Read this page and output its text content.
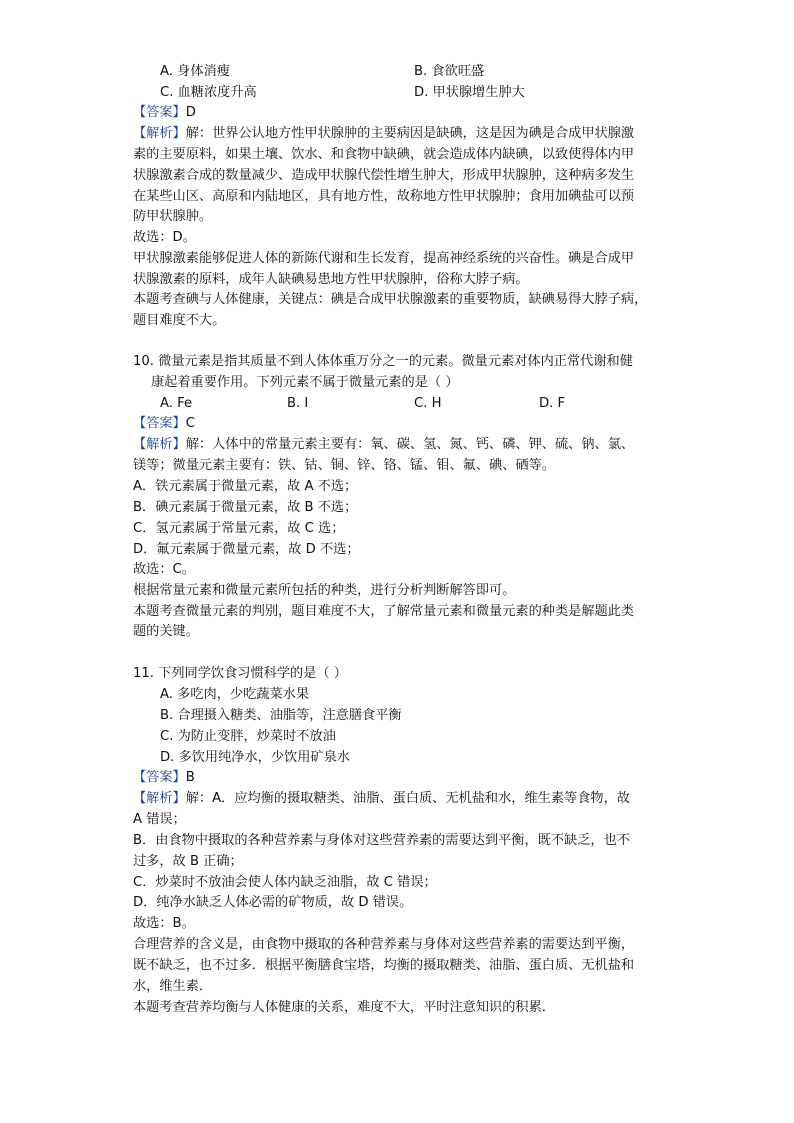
A. 身体消瘦	B. 食欲旺盛
C. 血糖浓度升高	D. 甲状腺增生肿大
【答案】D
【解析】解：世界公认地方性甲状腺肿的主要病因是缺碘，这是因为碘是合成甲状腺激
素的主要原料，如果土壤、饮水、和食物中缺碘，就会造成体内缺碘，以致使得体内甲
状腺激素合成的数量减少、造成甲状腺代偿性增生肿大，形成甲状腺肿，这种病多发生
在某些山区、高原和内陆地区，具有地方性，故称地方性甲状腺肿；食用加碘盐可以预
防甲状腺肿。
故选：D。
甲状腺激素能够促进人体的新陈代谢和生长发育，提高神经系统的兴奋性。碘是合成甲
状腺激素的原料，成年人缺碘易患地方性甲状腺肿，俗称大脖子病。
本题考查碘与人体健康，关键点：碘是合成甲状腺激素的重要物质，缺碘易得大脖子病，
题目难度不大。
10. 微量元素是指其质量不到人体体重万分之一的元素。微量元素对体内正常代谢和健
康起着重要作用。下列元素不属于微量元素的是（ ）
A. Fe	B. I	C. H	D. F
【答案】C
【解析】解：人体中的常量元素主要有：氧、碳、氢、氮、钙、磷、钾、硫、钠、氯、
镁等；微量元素主要有：铁、钴、铜、锌、铬、锰、钼、氟、碘、硒等。
A．铁元素属于微量元素，故 A 不选；
B．碘元素属于微量元素，故 B 不选；
C．氢元素属于常量元素，故 C 选；
D．氟元素属于微量元素，故 D 不选；
故选：C。
根据常量元素和微量元素所包括的种类，进行分析判断解答即可。
本题考查微量元素的判别，题目难度不大，了解常量元素和微量元素的种类是解题此类
题的关键。
11. 下列同学饮食习惯科学的是（ ）
A. 多吃肉，少吃蔬菜水果
B. 合理摄入糖类、油脂等，注意膳食平衡
C. 为防止变胖，炒菜时不放油
D. 多饮用纯净水，少饮用矿泉水
【答案】B
【解析】解：A．应均衡的摄取糖类、油脂、蛋白质、无机盐和水，维生素等食物，故
A 错误；
B．由食物中摄取的各种营养素与身体对这些营养素的需要达到平衡，既不缺乏，也不
过多，故 B 正确；
C．炒菜时不放油会使人体内缺乏油脂，故 C 错误；
D．纯净水缺乏人体必需的矿物质，故 D 错误。
故选：B。
合理营养的含义是，由食物中摄取的各种营养素与身体对这些营养素的需要达到平衡，
既不缺乏，也不过多．根据平衡膳食宝塔，均衡的摄取糖类、油脂、蛋白质、无机盐和
水，维生素．
本题考查营养均衡与人体健康的关系，难度不大，平时注意知识的积累．
